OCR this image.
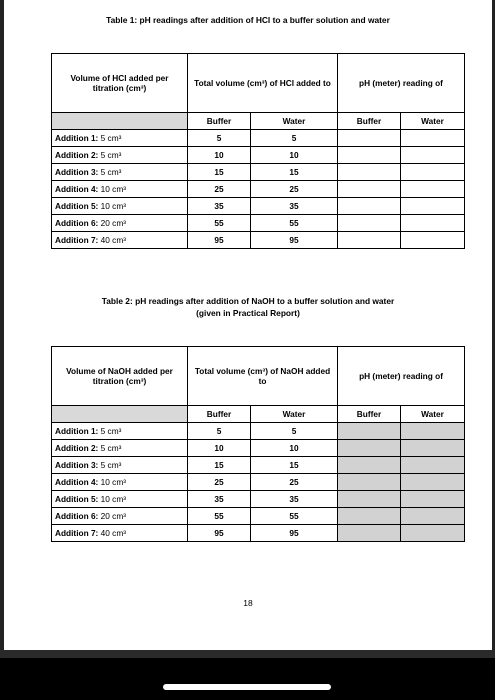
Table 1: pH readings after addition of HCl to a buffer solution and water
Volume of HCl added per titration (cm³)	Total volume (cm³) of HCl added to		pH (meter) reading of	
	Buffer	Water	Buffer	Water
Addition 1: 5 cm³	5	5		
Addition 2: 5 cm³	10	10		
Addition 3: 5 cm³	15	15		
Addition 4: 10 cm³	25	25		
Addition 5: 10 cm³	35	35		
Addition 6: 20 cm³	55	55		
Addition 7: 40 cm³	95	95		
Table 2: pH readings after addition of NaOH to a buffer solution and water
(given in Practical Report)
Volume of NaOH added per titration (cm³)	Total volume (cm³) of NaOH added to		pH (meter) reading of	
	Buffer	Water	Buffer	Water
Addition 1: 5 cm³	5	5		
Addition 2: 5 cm³	10	10		
Addition 3: 5 cm³	15	15		
Addition 4: 10 cm³	25	25		
Addition 5: 10 cm³	35	35		
Addition 6: 20 cm³	55	55		
Addition 7: 40 cm³	95	95		
18
